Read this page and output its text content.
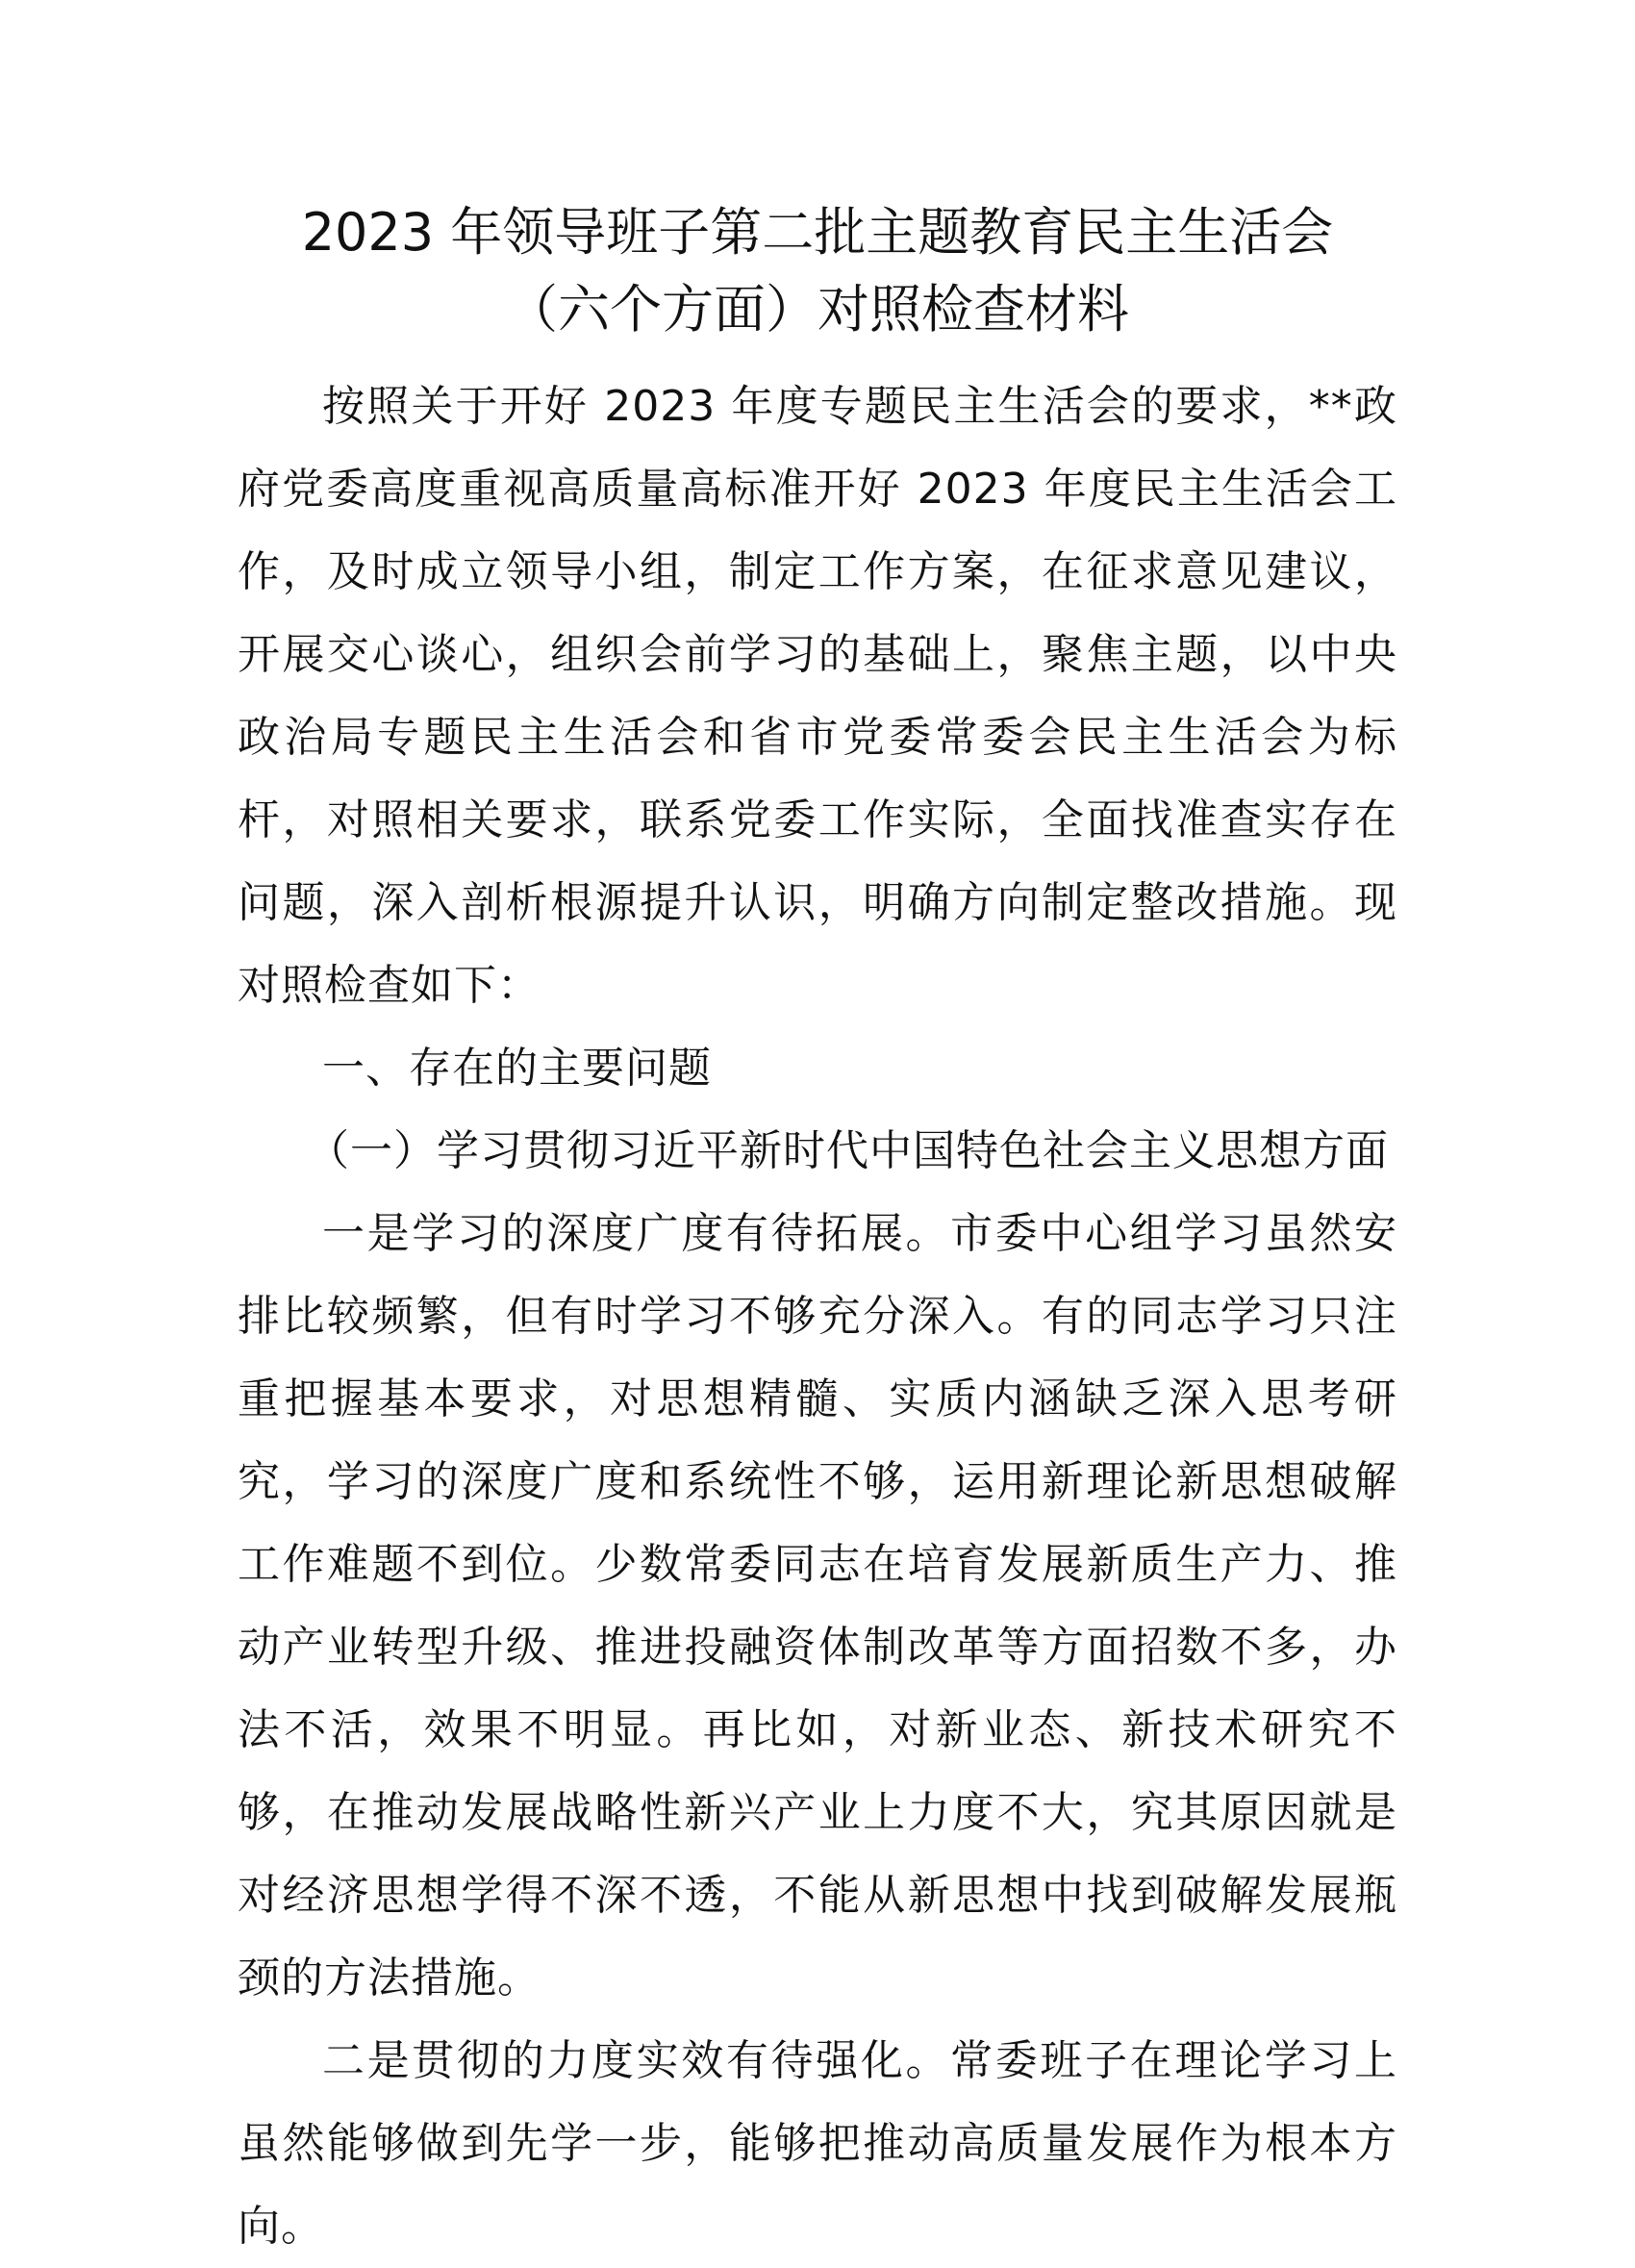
2023 年领导班子第二批主题教育民主生活会
（六个方面）对照检查材料

按照关于开好 2023 年度专题民主生活会的要求，**政府党委高度重视高质量高标准开好 2023 年度民主生活会工作，及时成立领导小组，制定工作方案，在征求意见建议，开展交心谈心，组织会前学习的基础上，聚焦主题，以中央政治局专题民主生活会和省市党委常委会民主生活会为标杆，对照相关要求，联系党委工作实际，全面找准查实存在问题，深入剖析根源提升认识，明确方向制定整改措施。现对照检查如下：

一、存在的主要问题

（一）学习贯彻习近平新时代中国特色社会主义思想方面

一是学习的深度广度有待拓展。市委中心组学习虽然安排比较频繁，但有时学习不够充分深入。有的同志学习只注重把握基本要求，对思想精髓、实质内涵缺乏深入思考研究，学习的深度广度和系统性不够，运用新理论新思想破解工作难题不到位。少数常委同志在培育发展新质生产力、推动产业转型升级、推进投融资体制改革等方面招数不多，办法不活，效果不明显。再比如，对新业态、新技术研究不够，在推动发展战略性新兴产业上力度不大，究其原因就是对经济思想学得不深不透，不能从新思想中找到破解发展瓶颈的方法措施。

二是贯彻的力度实效有待强化。常委班子在理论学习上虽然能够做到先学一步，能够把推动高质量发展作为根本方向。
